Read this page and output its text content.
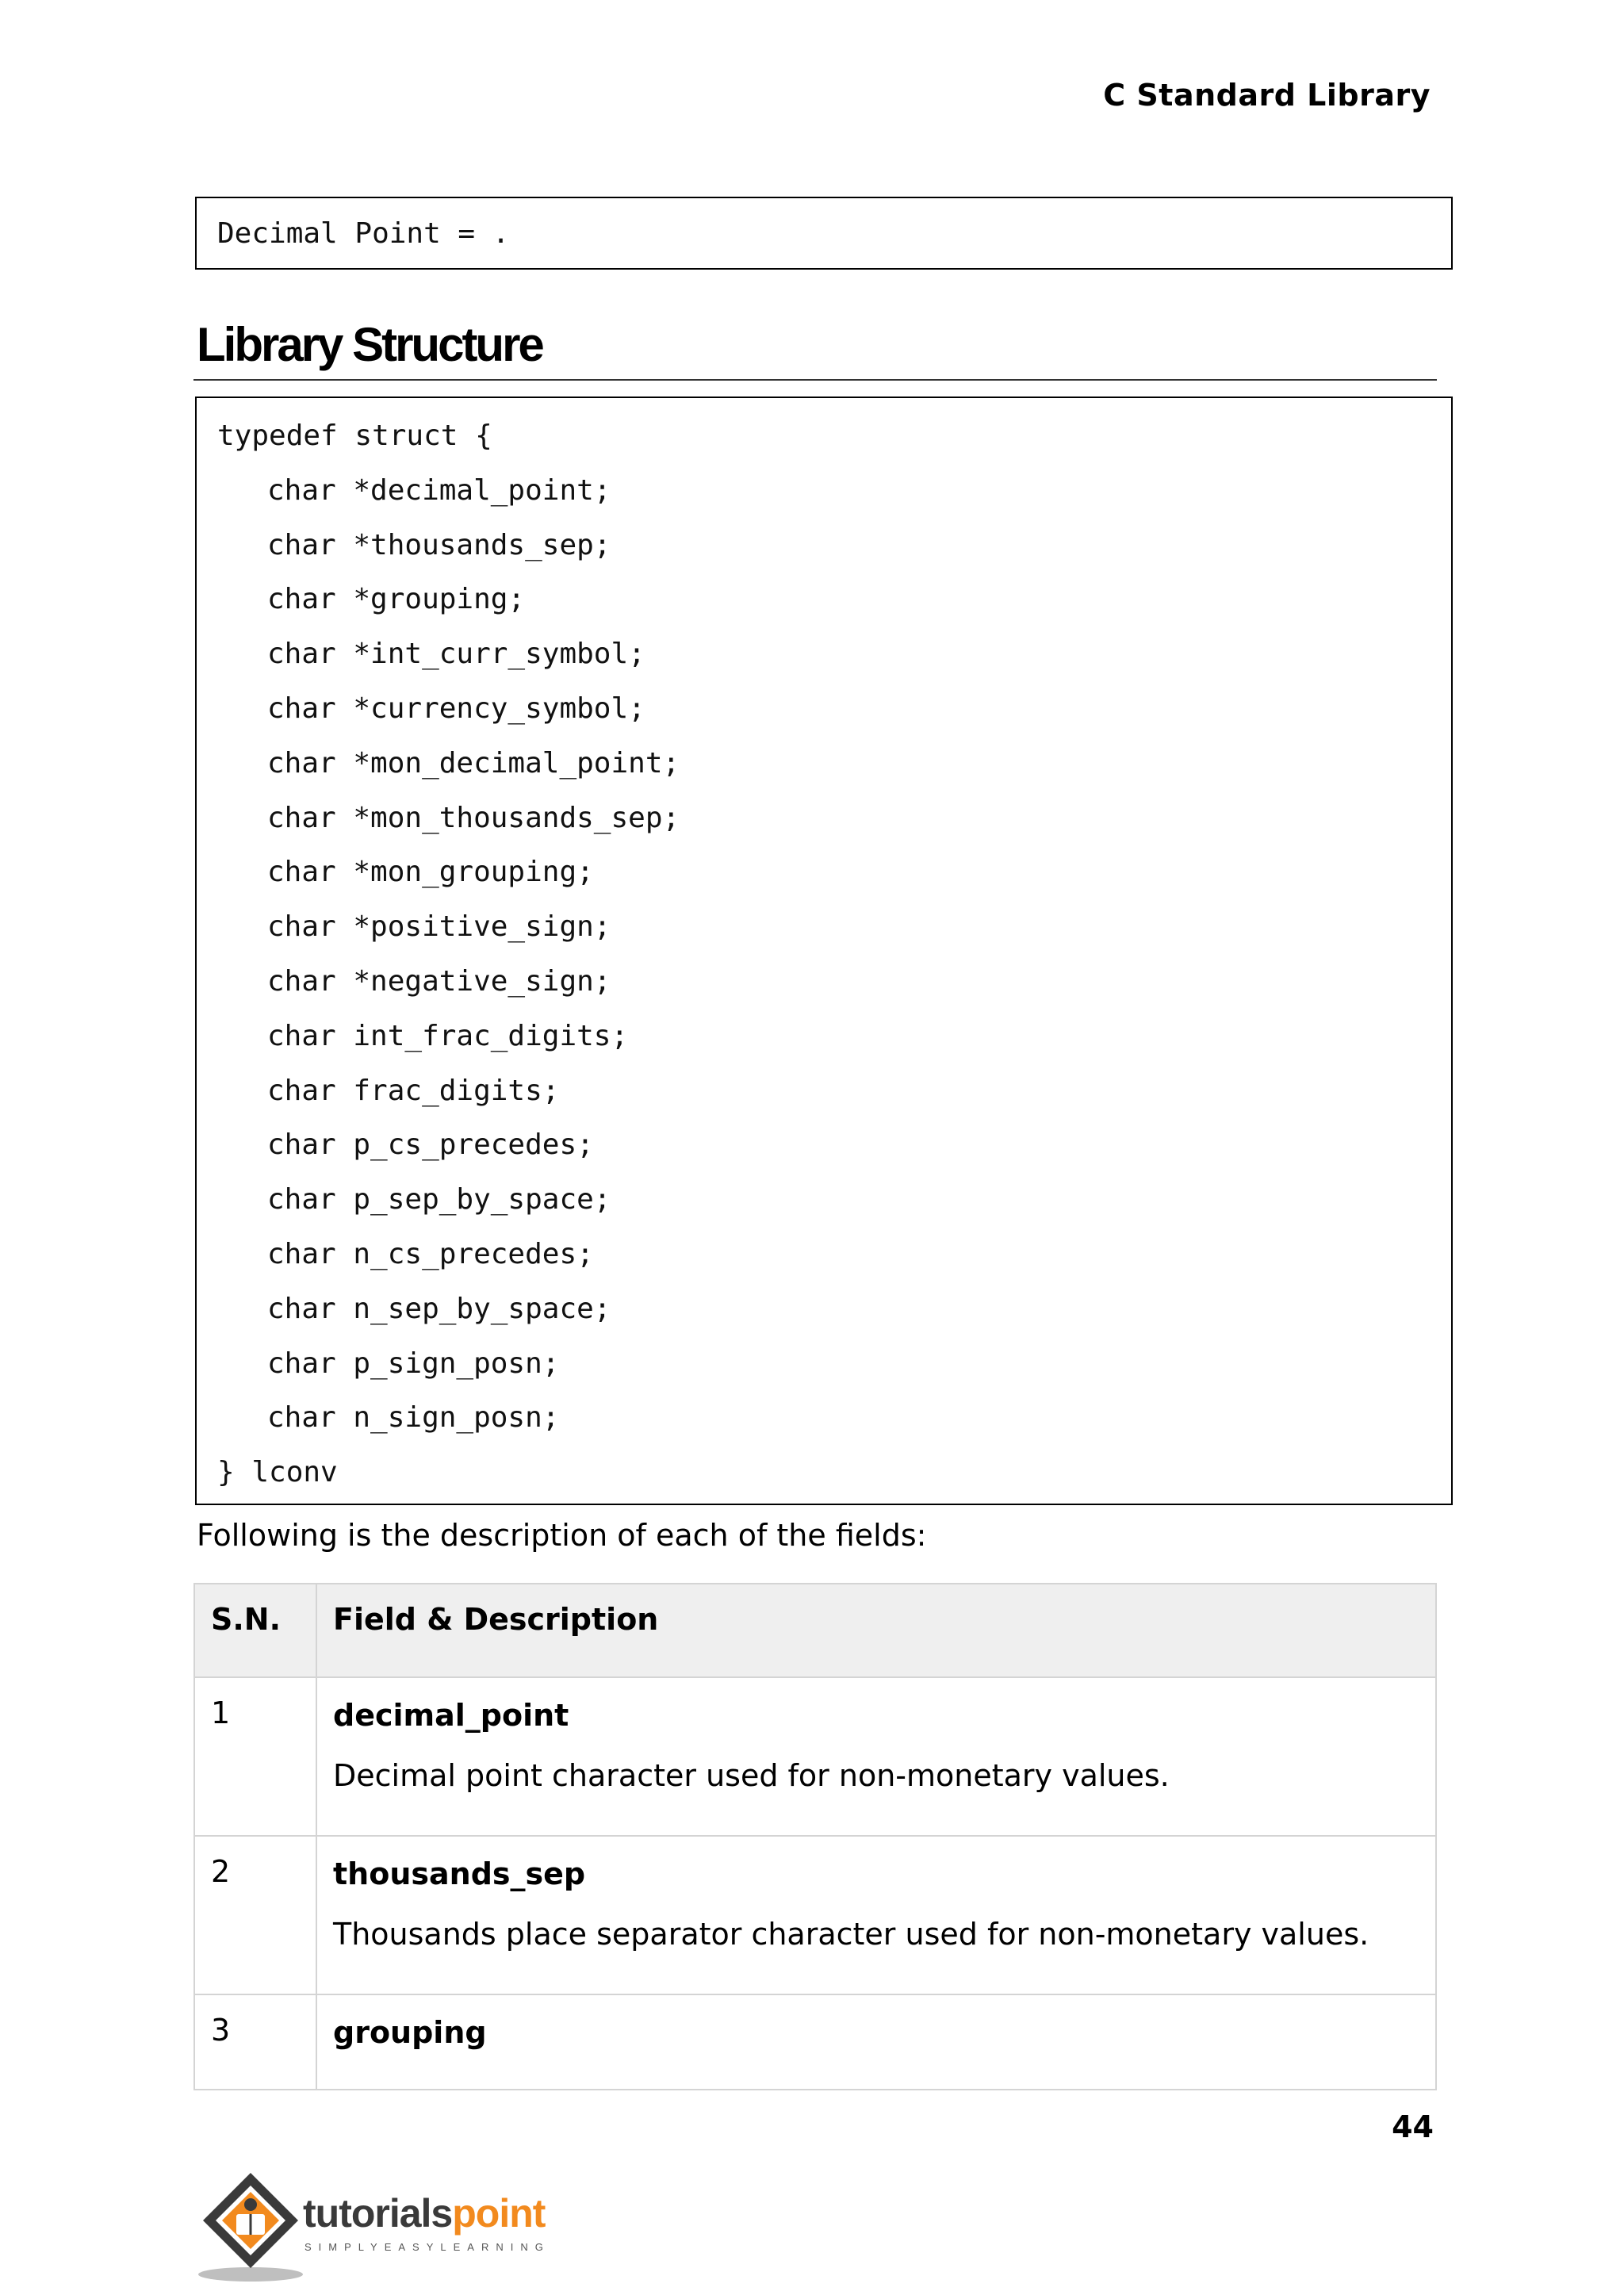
C Standard Library
Decimal Point = .
Library Structure
typedef struct {
char *decimal_point;
char *thousands_sep;
char *grouping;
char *int_curr_symbol;
char *currency_symbol;
char *mon_decimal_point;
char *mon_thousands_sep;
char *mon_grouping;
char *positive_sign;
char *negative_sign;
char int_frac_digits;
char frac_digits;
char p_cs_precedes;
char p_sep_by_space;
char n_cs_precedes;
char n_sep_by_space;
char p_sign_posn;
char n_sign_posn;
} lconv
Following is the description of each of the fields:
S.N.	Field & Description
1	decimal_point
Decimal point character used for non-monetary values.

2	thousands_sep
Thousands place separator character used for non-monetary values.

3	grouping
44
tutorialspoint
SIMPLYEASYLEARNING
